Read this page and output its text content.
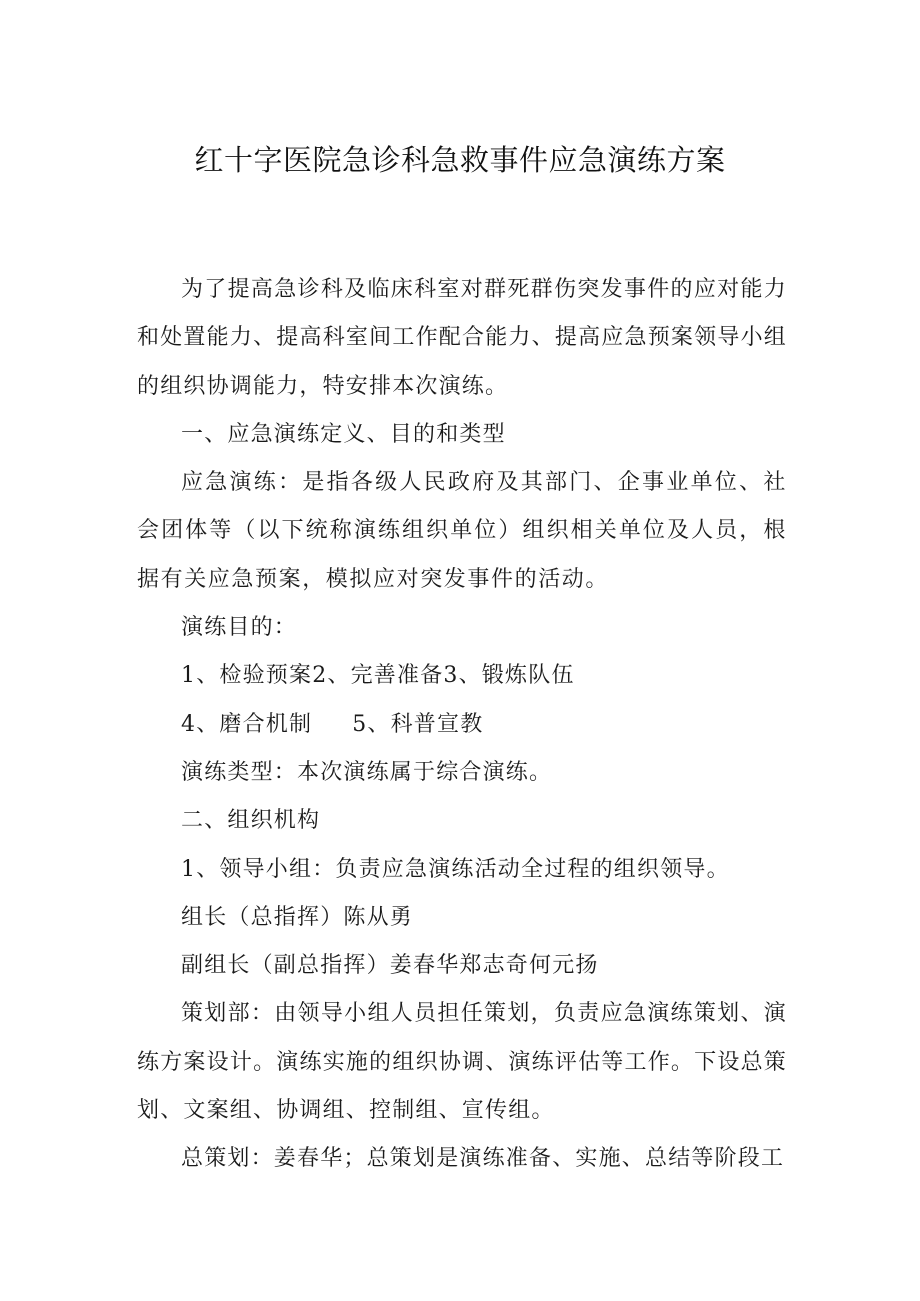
红十字医院急诊科急救事件应急演练方案

为了提高急诊科及临床科室对群死群伤突发事件的应对能力和处置能力、提高科室间工作配合能力、提高应急预案领导小组的组织协调能力，特安排本次演练。

一、应急演练定义、目的和类型

应急演练：是指各级人民政府及其部门、企事业单位、社会团体等（以下统称演练组织单位）组织相关单位及人员，根据有关应急预案，模拟应对突发事件的活动。

演练目的：

1、检验预案2、完善准备3、锻炼队伍

4、磨合机制 5、科普宣教

演练类型：本次演练属于综合演练。

二、组织机构

1、领导小组：负责应急演练活动全过程的组织领导。

组长（总指挥）陈从勇

副组长（副总指挥）姜春华郑志奇何元扬

策划部：由领导小组人员担任策划，负责应急演练策划、演练方案设计。演练实施的组织协调、演练评估等工作。下设总策划、文案组、协调组、控制组、宣传组。

总策划：姜春华；总策划是演练准备、实施、总结等阶段工
